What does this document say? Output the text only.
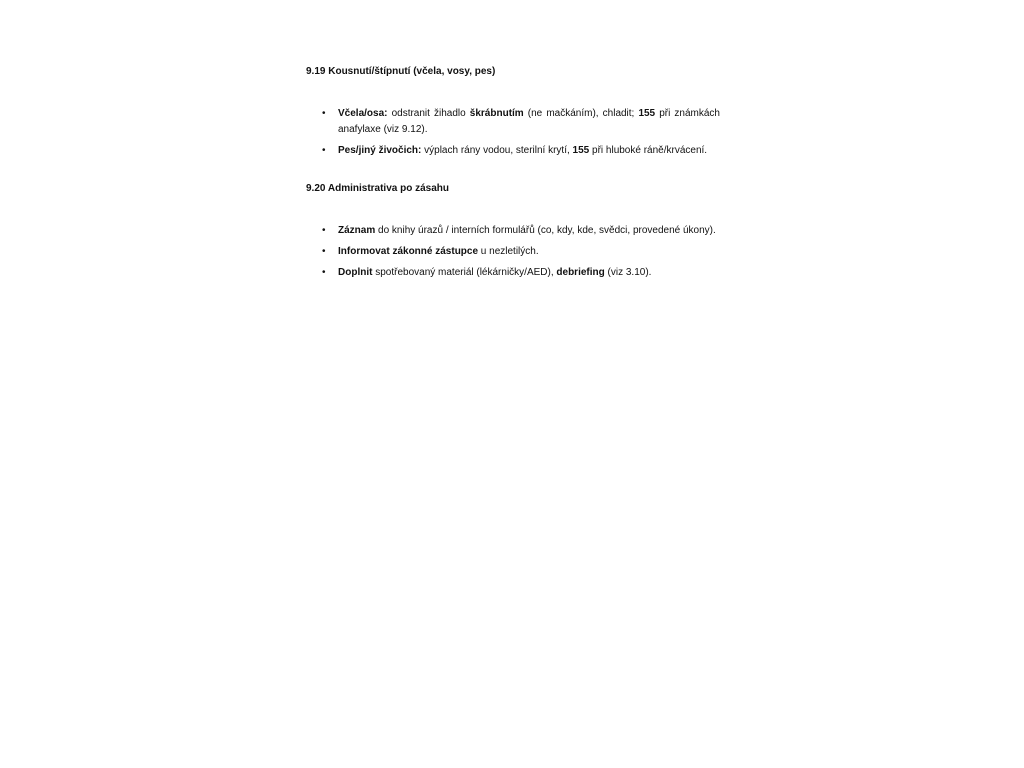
9.19 Kousnutí/štípnutí (včela, vosy, pes)
• Včela/osa: odstranit žihadlo škrábnutím (ne mačkáním), chladit; 155 při známkách anafylaxe (viz 9.12).
• Pes/jiný živočich: výplach rány vodou, sterilní krytí, 155 při hluboké ráně/krvácení.
9.20 Administrativa po zásahu
• Záznam do knihy úrazů / interních formulářů (co, kdy, kde, svědci, provedené úkony).
• Informovat zákonné zástupce u nezletilých.
• Doplnit spotřebovaný materiál (lékárničky/AED), debriefing (viz 3.10).
